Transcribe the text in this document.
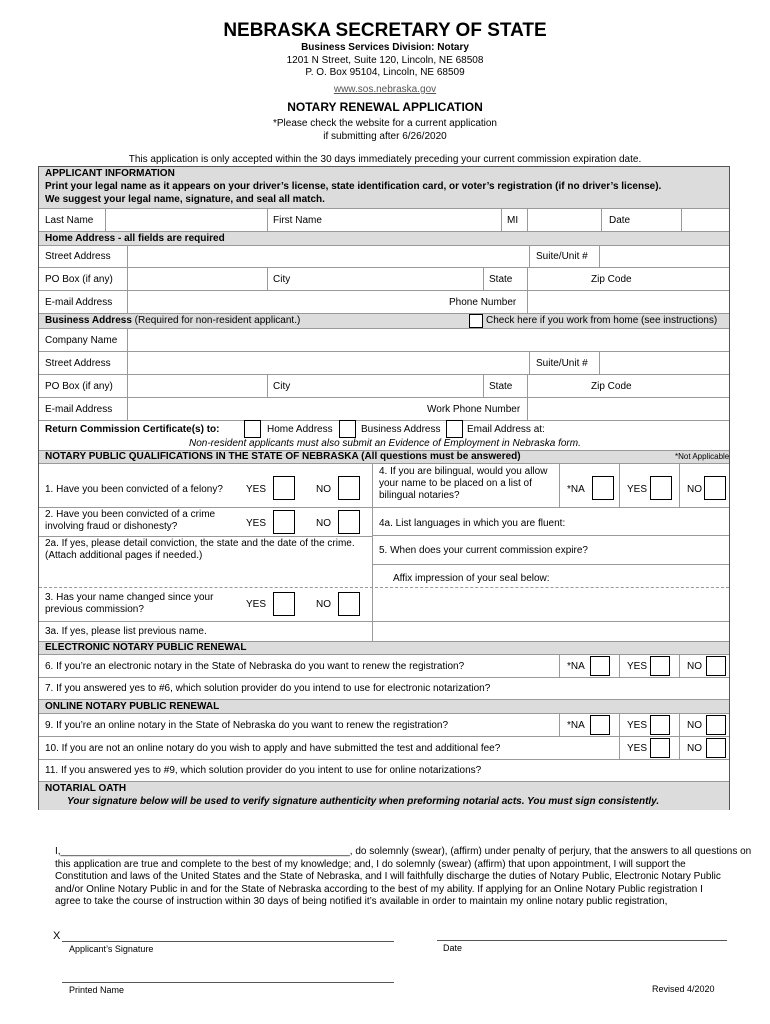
NEBRASKA SECRETARY OF STATE
Business Services Division: Notary
1201 N Street, Suite 120, Lincoln, NE 68508
P. O. Box 95104, Lincoln, NE 68509
www.sos.nebraska.gov
NOTARY RENEWAL APPLICATION
*Please check the website for a current application
if submitting after 6/26/2020
This application is only accepted within the 30 days immediately preceding your current commission expiration date.
APPLICANT INFORMATION
Print your legal name as it appears on your driver’s license, state identification card, or voter’s registration (if no driver’s license).
We suggest your legal name, signature, and seal all match.
Last Name	First Name	MI	Date
Home Address - all fields are required
Street Address	Suite/Unit #
PO Box (if any)	City	State	Zip Code
E-mail Address	Phone Number
Business Address (Required for non-resident applicant.)	Check here if you work from home (see instructions)
Company Name
Street Address	Suite/Unit #
PO Box (if any)	City	State	Zip Code
E-mail Address	Work Phone Number
Return Commission Certificate(s) to:	Home Address	Business Address	Email Address at:
Non-resident applicants must also submit an Evidence of Employment in Nebraska form.
NOTARY PUBLIC QUALIFICATIONS IN THE STATE OF NEBRASKA (All questions must be answered)	*Not Applicable
1. Have you been convicted of a felony? YES	NO
4. If you are bilingual, would you allow
your name to be placed on a list of
bilingual notaries?
*NA	YES	NO
2. Have you been convicted of a crime
involving fraud or dishonesty?	YES	NO	4a. List languages in which you are fluent:
2a. If yes, please detail conviction, the state and the date of the crime.
(Attach additional pages if needed.)	5. When does your current commission expire?
Affix impression of your seal below:
3. Has your name changed since your
previous commission?	YES	NO
3a. If yes, please list previous name.
ELECTRONIC NOTARY PUBLIC RENEWAL
6. If you’re an electronic notary in the State of Nebraska do you want to renew the registration?	*NA	YES	NO
7. If you answered yes to #6, which solution provider do you intend to use for electronic notarization?
ONLINE NOTARY PUBLIC RENEWAL
9. If you’re an online notary in the State of Nebraska do you want to renew the registration?	*NA	YES	NO
10. If you are not an online notary do you wish to apply and have submitted the test and additional fee?	YES	NO
11. If you answered yes to #9, which solution provider do you intent to use for online notarizations?
NOTARIAL OATH
Your signature below will be used to verify signature authenticity when preforming notarial acts. You must sign consistently.
I,____________________________________________________, do solemnly (swear), (affirm) under penalty of perjury, that the answers to all questions on
this application are true and complete to the best of my knowledge; and, I do solemnly (swear) (affirm) that upon appointment, I will support the
Constitution and laws of the United States and the State of Nebraska, and I will faithfully discharge the duties of Notary Public, Electronic Notary Public
and/or Online Notary Public in and for the State of Nebraska according to the best of my ability. If applying for an Online Notary Public registration I
agree to take the course of instruction within 30 days of being notified it’s available in order to maintain my online notary public registration,
X
Applicant’s Signature	Date
Printed Name	Revised 4/2020
